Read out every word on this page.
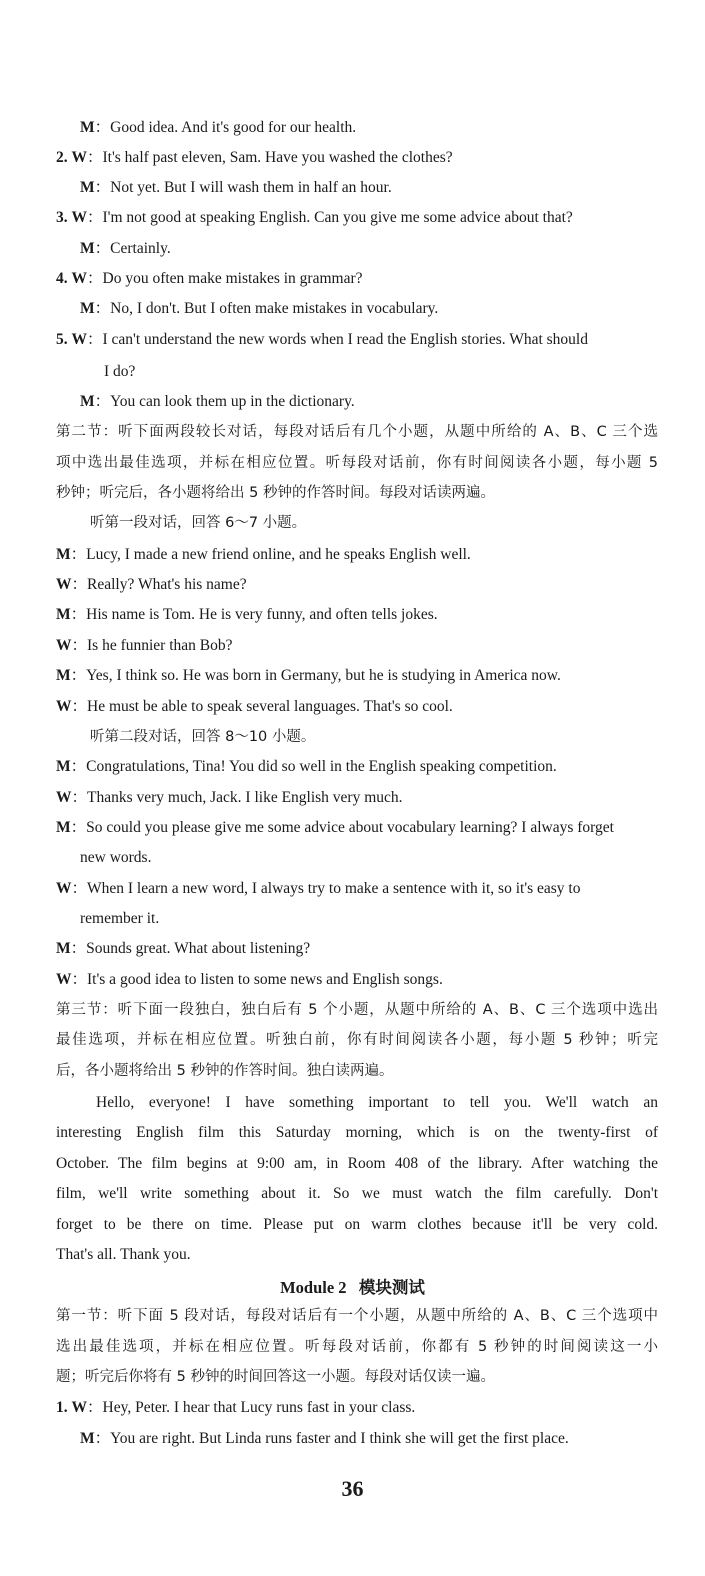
M：Good idea. And it's good for our health.
2. W：It's half past eleven, Sam. Have you washed the clothes?
M：Not yet. But I will wash them in half an hour.
3. W：I'm not good at speaking English. Can you give me some advice about that?
M：Certainly.
4. W：Do you often make mistakes in grammar?
M：No, I don't. But I often make mistakes in vocabulary.
5. W：I can't understand the new words when I read the English stories. What should
I do?
M：You can look them up in the dictionary.
第二节：听下面两段较长对话，每段对话后有几个小题，从题中所给的 A、B、C 三个选
项中选出最佳选项，并标在相应位置。听每段对话前，你有时间阅读各小题，每小题 5
秒钟；听完后，各小题将给出 5 秒钟的作答时间。每段对话读两遍。
听第一段对话，回答 6～7 小题。
M：Lucy, I made a new friend online, and he speaks English well.
W：Really? What's his name?
M：His name is Tom. He is very funny, and often tells jokes.
W：Is he funnier than Bob?
M：Yes, I think so. He was born in Germany, but he is studying in America now.
W：He must be able to speak several languages. That's so cool.
听第二段对话，回答 8～10 小题。
M：Congratulations, Tina! You did so well in the English speaking competition.
W：Thanks very much, Jack. I like English very much.
M：So could you please give me some advice about vocabulary learning? I always forget
new words.
W：When I learn a new word, I always try to make a sentence with it, so it's easy to
remember it.
M：Sounds great. What about listening?
W：It's a good idea to listen to some news and English songs.
第三节：听下面一段独白，独白后有 5 个小题，从题中所给的 A、B、C 三个选项中选出
最佳选项，并标在相应位置。听独白前，你有时间阅读各小题，每小题 5 秒钟；听完
后，各小题将给出 5 秒钟的作答时间。独白读两遍。
Hello, everyone! I have something important to tell you. We'll watch an
interesting English film this Saturday morning, which is on the twenty-first of
October. The film begins at 9:00 am, in Room 408 of the library. After watching the
film, we'll write something about it. So we must watch the film carefully. Don't
forget to be there on time. Please put on warm clothes because it'll be very cold.
That's all. Thank you.
Module 2   模块测试
第一节：听下面 5 段对话，每段对话后有一个小题，从题中所给的 A、B、C 三个选项中
选出最佳选项，并标在相应位置。听每段对话前，你都有 5 秒钟的时间阅读这一小
题；听完后你将有 5 秒钟的时间回答这一小题。每段对话仅读一遍。
1. W：Hey, Peter. I hear that Lucy runs fast in your class.
M：You are right. But Linda runs faster and I think she will get the first place.
36
